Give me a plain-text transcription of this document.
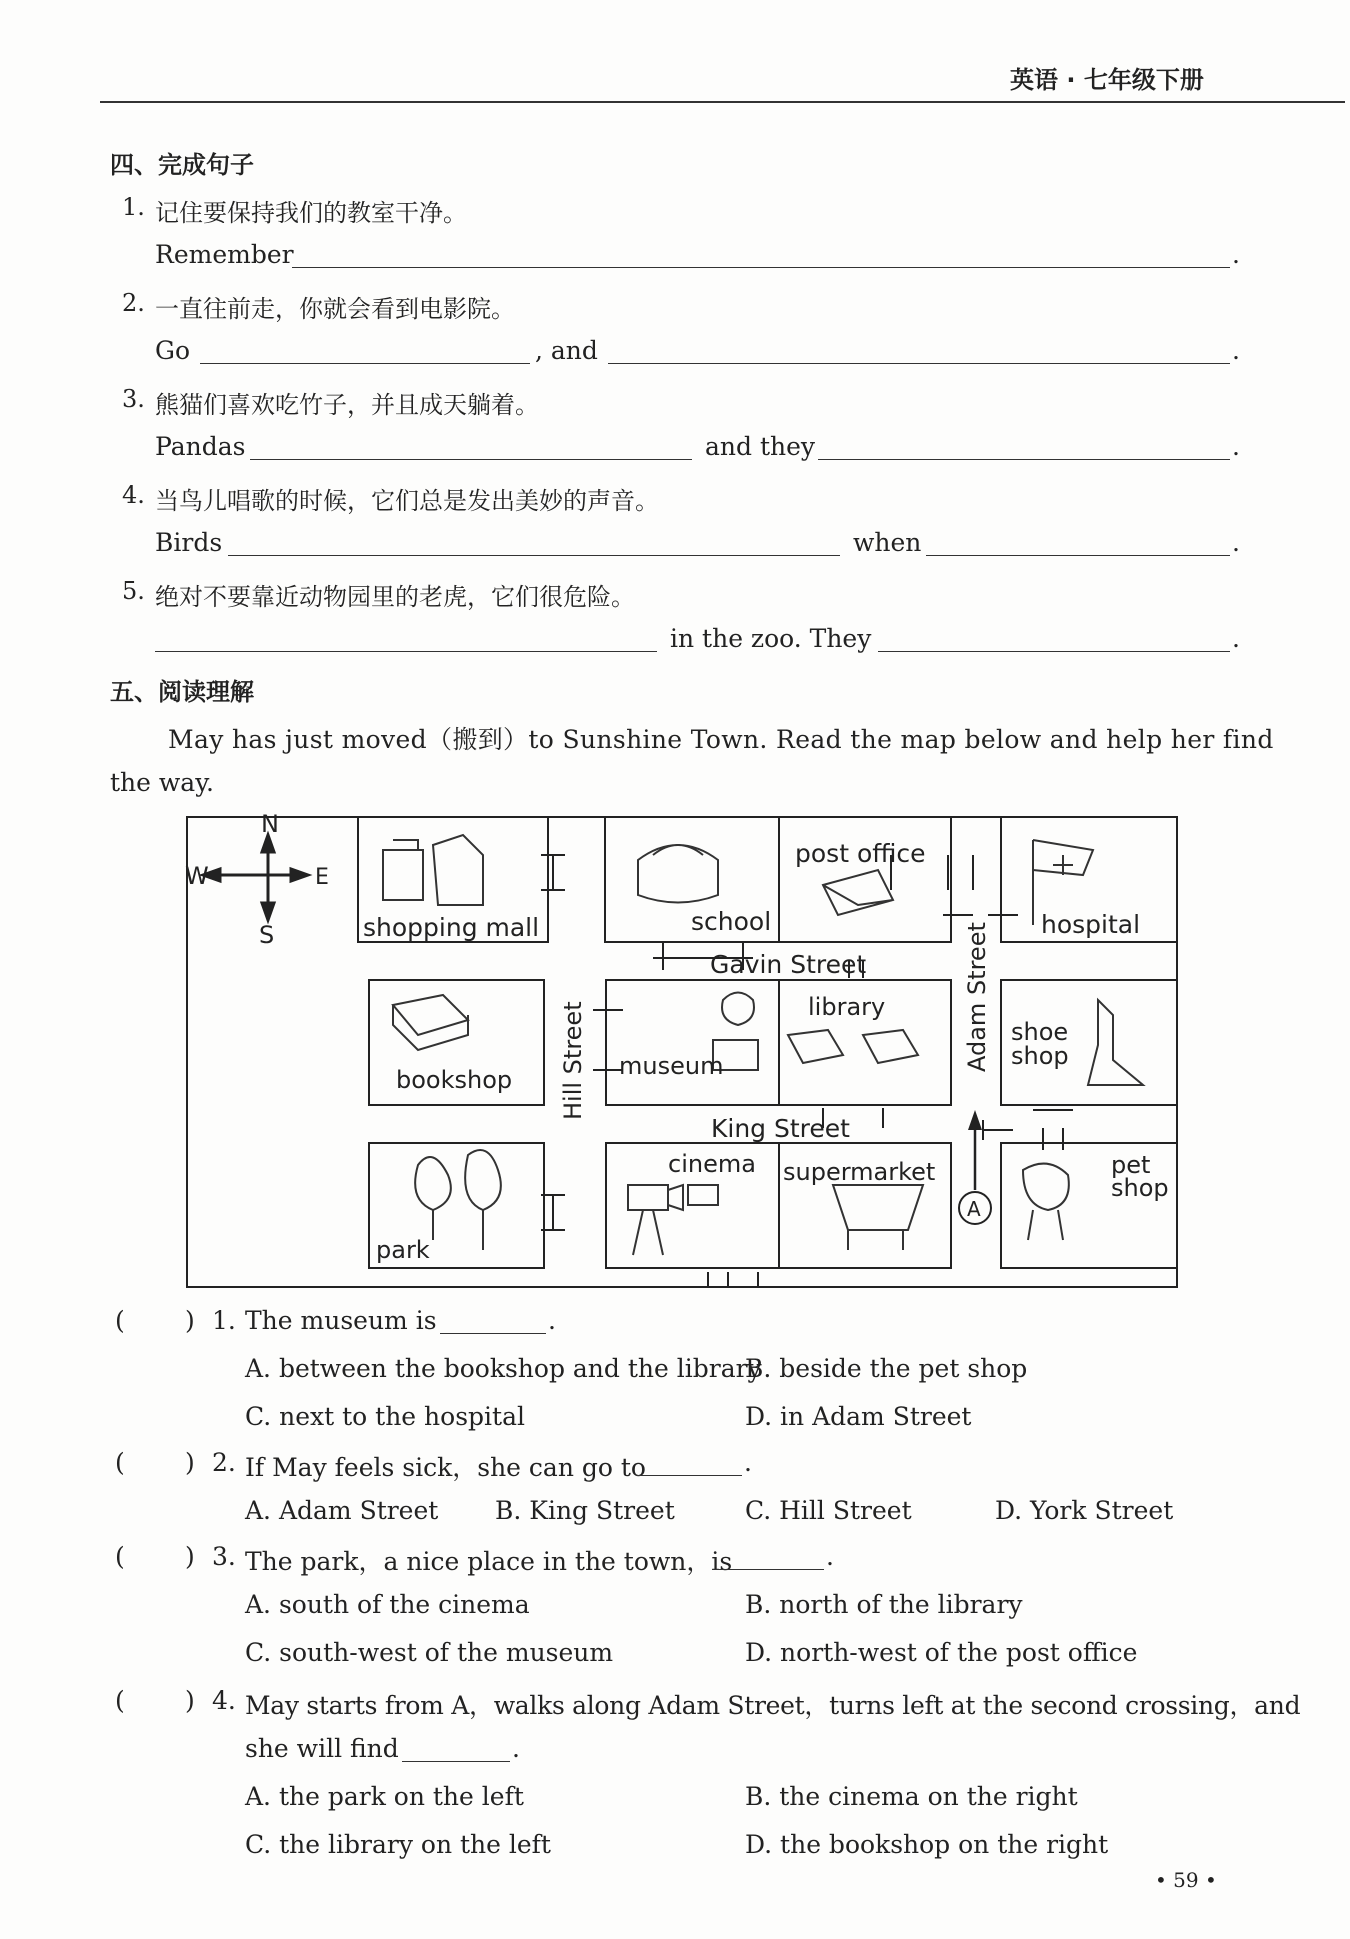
英语 · 七年级下册
四、完成句子
1. 记住要保持我们的教室干净。
Remember	.
2. 一直往前走，你就会看到电影院。
Go	, and	.
3. 熊猫们喜欢吃竹子，并且成天躺着。
Pandas	and they	.
4. 当鸟儿唱歌的时候，它们总是发出美妙的声音。
Birds	when	.
5. 绝对不要靠近动物园里的老虎，它们很危险。
in the zoo. They	.
五、阅读理解
May has just moved（搬到）to Sunshine Town. Read the map below and help her find
the way.
N
S
E
W
A
shopping mall	school
post office
hospital
bookshop	museum
library
shoe
shop
park
cinema supermarket	pet
shop
Gavin Street
King Street
Hill Street	Adam Street
( ) 1. The museum is	.
A. between the bookshop and the library
B. beside the pet shop
C. next to the hospital	D. in Adam Street
( ) 2. If May feels sick，she can go to	.
A. Adam Street B. King Street	C. Hill Street	D. York Street
( ) 3. The park，a nice place in the town，is	.
A. south of the cinema	B. north of the library
C. south-west of the museum	D. north-west of the post office
( ) 4. May starts from A，walks along Adam Street，turns left at the second crossing，and
she will find	.
A. the park on the left	B. the cinema on the right
C. the library on the left	D. the bookshop on the right
• 59 •
